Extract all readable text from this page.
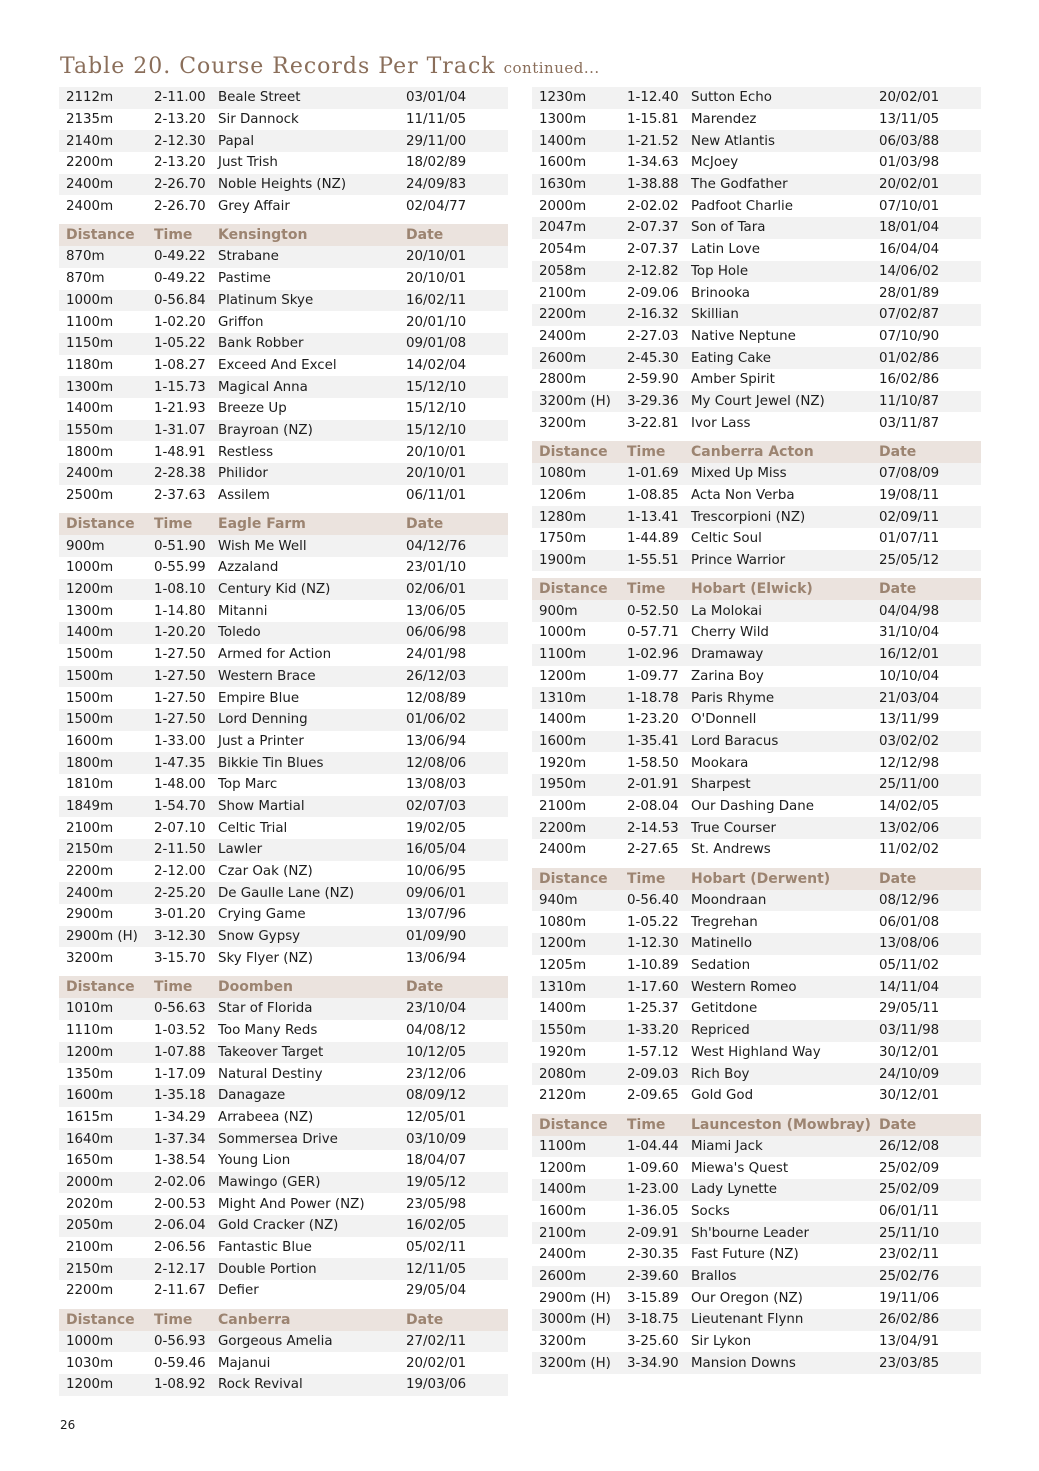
Table 20. Course Records Per Track continued...
2112m	2-11.00 Beale Street	03/01/04
2135m	2-13.20 Sir Dannock	11/11/05
2140m	2-12.30 Papal	29/11/00
2200m	2-13.20 Just Trish	18/02/89
2400m	2-26.70 Noble Heights (NZ)	24/09/83
2400m	2-26.70 Grey Affair	02/04/77
Distance	Time	Kensington	Date
870m	0-49.22 Strabane	20/10/01
870m	0-49.22 Pastime	20/10/01
1000m	0-56.84 Platinum Skye	16/02/11
1100m	1-02.20 Griffon	20/01/10
1150m	1-05.22 Bank Robber	09/01/08
1180m	1-08.27 Exceed And Excel	14/02/04
1300m	1-15.73 Magical Anna	15/12/10
1400m	1-21.93 Breeze Up	15/12/10
1550m	1-31.07 Brayroan (NZ)	15/12/10
1800m	1-48.91 Restless	20/10/01
2400m	2-28.38 Philidor	20/10/01
2500m	2-37.63 Assilem	06/11/01
Distance	Time	Eagle Farm	Date
900m	0-51.90 Wish Me Well	04/12/76
1000m	0-55.99 Azzaland	23/01/10
1200m	1-08.10 Century Kid (NZ)	02/06/01
1300m	1-14.80 Mitanni	13/06/05
1400m	1-20.20 Toledo	06/06/98
1500m	1-27.50 Armed for Action	24/01/98
1500m	1-27.50 Western Brace	26/12/03
1500m	1-27.50 Empire Blue	12/08/89
1500m	1-27.50 Lord Denning	01/06/02
1600m	1-33.00 Just a Printer	13/06/94
1800m	1-47.35 Bikkie Tin Blues	12/08/06
1810m	1-48.00 Top Marc	13/08/03
1849m	1-54.70 Show Martial	02/07/03
2100m	2-07.10 Celtic Trial	19/02/05
2150m	2-11.50 Lawler	16/05/04
2200m	2-12.00 Czar Oak (NZ)	10/06/95
2400m	2-25.20 De Gaulle Lane (NZ)	09/06/01
2900m	3-01.20 Crying Game	13/07/96
2900m (H)	3-12.30 Snow Gypsy	01/09/90
3200m	3-15.70 Sky Flyer (NZ)	13/06/94
Distance	Time	Doomben	Date
1010m	0-56.63 Star of Florida	23/10/04
1110m	1-03.52 Too Many Reds	04/08/12
1200m	1-07.88 Takeover Target	10/12/05
1350m	1-17.09 Natural Destiny	23/12/06
1600m	1-35.18 Danagaze	08/09/12
1615m	1-34.29 Arrabeea (NZ)	12/05/01
1640m	1-37.34 Sommersea Drive	03/10/09
1650m	1-38.54 Young Lion	18/04/07
2000m	2-02.06 Mawingo (GER)	19/05/12
2020m	2-00.53 Might And Power (NZ)	23/05/98
2050m	2-06.04 Gold Cracker (NZ)	16/02/05
2100m	2-06.56 Fantastic Blue	05/02/11
2150m	2-12.17 Double Portion	12/11/05
2200m	2-11.67 Defier	29/05/04
Distance	Time	Canberra	Date
1000m	0-56.93 Gorgeous Amelia	27/02/11
1030m	0-59.46 Majanui	20/02/01
1200m	1-08.92 Rock Revival	19/03/06
1230m	1-12.40 Sutton Echo	20/02/01
1300m	1-15.81 Marendez	13/11/05
1400m	1-21.52 New Atlantis	06/03/88
1600m	1-34.63 McJoey	01/03/98
1630m	1-38.88 The Godfather	20/02/01
2000m	2-02.02 Padfoot Charlie	07/10/01
2047m	2-07.37 Son of Tara	18/01/04
2054m	2-07.37 Latin Love	16/04/04
2058m	2-12.82 Top Hole	14/06/02
2100m	2-09.06 Brinooka	28/01/89
2200m	2-16.32 Skillian	07/02/87
2400m	2-27.03 Native Neptune	07/10/90
2600m	2-45.30 Eating Cake	01/02/86
2800m	2-59.90 Amber Spirit	16/02/86
3200m (H)	3-29.36 My Court Jewel (NZ)	11/10/87
3200m	3-22.81 Ivor Lass	03/11/87
Distance	Time	Canberra Acton	Date
1080m	1-01.69 Mixed Up Miss	07/08/09
1206m	1-08.85 Acta Non Verba	19/08/11
1280m	1-13.41 Trescorpioni (NZ)	02/09/11
1750m	1-44.89 Celtic Soul	01/07/11
1900m	1-55.51 Prince Warrior	25/05/12
Distance	Time	Hobart (Elwick)	Date
900m	0-52.50 La Molokai	04/04/98
1000m	0-57.71 Cherry Wild	31/10/04
1100m	1-02.96 Dramaway	16/12/01
1200m	1-09.77 Zarina Boy	10/10/04
1310m	1-18.78 Paris Rhyme	21/03/04
1400m	1-23.20 O'Donnell	13/11/99
1600m	1-35.41 Lord Baracus	03/02/02
1920m	1-58.50 Mookara	12/12/98
1950m	2-01.91 Sharpest	25/11/00
2100m	2-08.04 Our Dashing Dane	14/02/05
2200m	2-14.53 True Courser	13/02/06
2400m	2-27.65 St. Andrews	11/02/02
Distance	Time	Hobart (Derwent)	Date
940m	0-56.40 Moondraan	08/12/96
1080m	1-05.22 Tregrehan	06/01/08
1200m	1-12.30 Matinello	13/08/06
1205m	1-10.89 Sedation	05/11/02
1310m	1-17.60 Western Romeo	14/11/04
1400m	1-25.37 Getitdone	29/05/11
1550m	1-33.20 Repriced	03/11/98
1920m	1-57.12 West Highland Way	30/12/01
2080m	2-09.03 Rich Boy	24/10/09
2120m	2-09.65 Gold God	30/12/01
Distance	Time	Launceston (Mowbray) Date
1100m	1-04.44 Miami Jack	26/12/08
1200m	1-09.60 Miewa's Quest	25/02/09
1400m	1-23.00 Lady Lynette	25/02/09
1600m	1-36.05 Socks	06/01/11
2100m	2-09.91 Sh'bourne Leader	25/11/10
2400m	2-30.35 Fast Future (NZ)	23/02/11
2600m	2-39.60 Brallos	25/02/76
2900m (H)	3-15.89 Our Oregon (NZ)	19/11/06
3000m (H)	3-18.75 Lieutenant Flynn	26/02/86
3200m	3-25.60 Sir Lykon	13/04/91
3200m (H)	3-34.90 Mansion Downs	23/03/85
26
